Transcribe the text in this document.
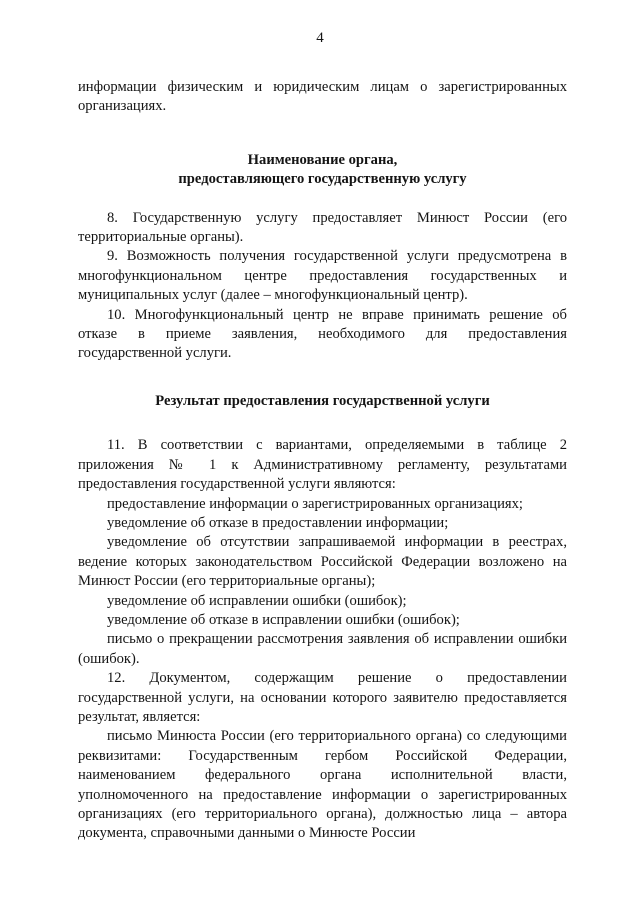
4

информации физическим и юридическим лицам о зарегистрированных организациях.

Наименование органа,

предоставляющего государственную услугу

8. Государственную услугу предоставляет Минюст России (его территориальные органы).

9. Возможность получения государственной услуги предусмотрена в многофункциональном центре предоставления государственных и муниципальных услуг (далее – многофункциональный центр).

10. Многофункциональный центр не вправе принимать решение об отказе в приеме заявления, необходимого для предоставления государственной услуги.

Результат предоставления государственной услуги

11. В соответствии с вариантами, определяемыми в таблице 2 приложения № 1 к Административному регламенту, результатами предоставления государственной услуги являются:

предоставление информации о зарегистрированных организациях;

уведомление об отказе в предоставлении информации;

уведомление об отсутствии запрашиваемой информации в реестрах, ведение которых законодательством Российской Федерации возложено на Минюст России (его территориальные органы);

уведомление об исправлении ошибки (ошибок);

уведомление об отказе в исправлении ошибки (ошибок);

письмо о прекращении рассмотрения заявления об исправлении ошибки (ошибок).

12. Документом, содержащим решение о предоставлении государственной услуги, на основании которого заявителю предоставляется результат, является:

письмо Минюста России (его территориального органа) со следующими реквизитами: Государственным гербом Российской Федерации, наименованием федерального органа исполнительной власти, уполномоченного на предоставление информации о зарегистрированных организациях (его территориального органа), должностью лица – автора документа, справочными данными о Минюсте России
